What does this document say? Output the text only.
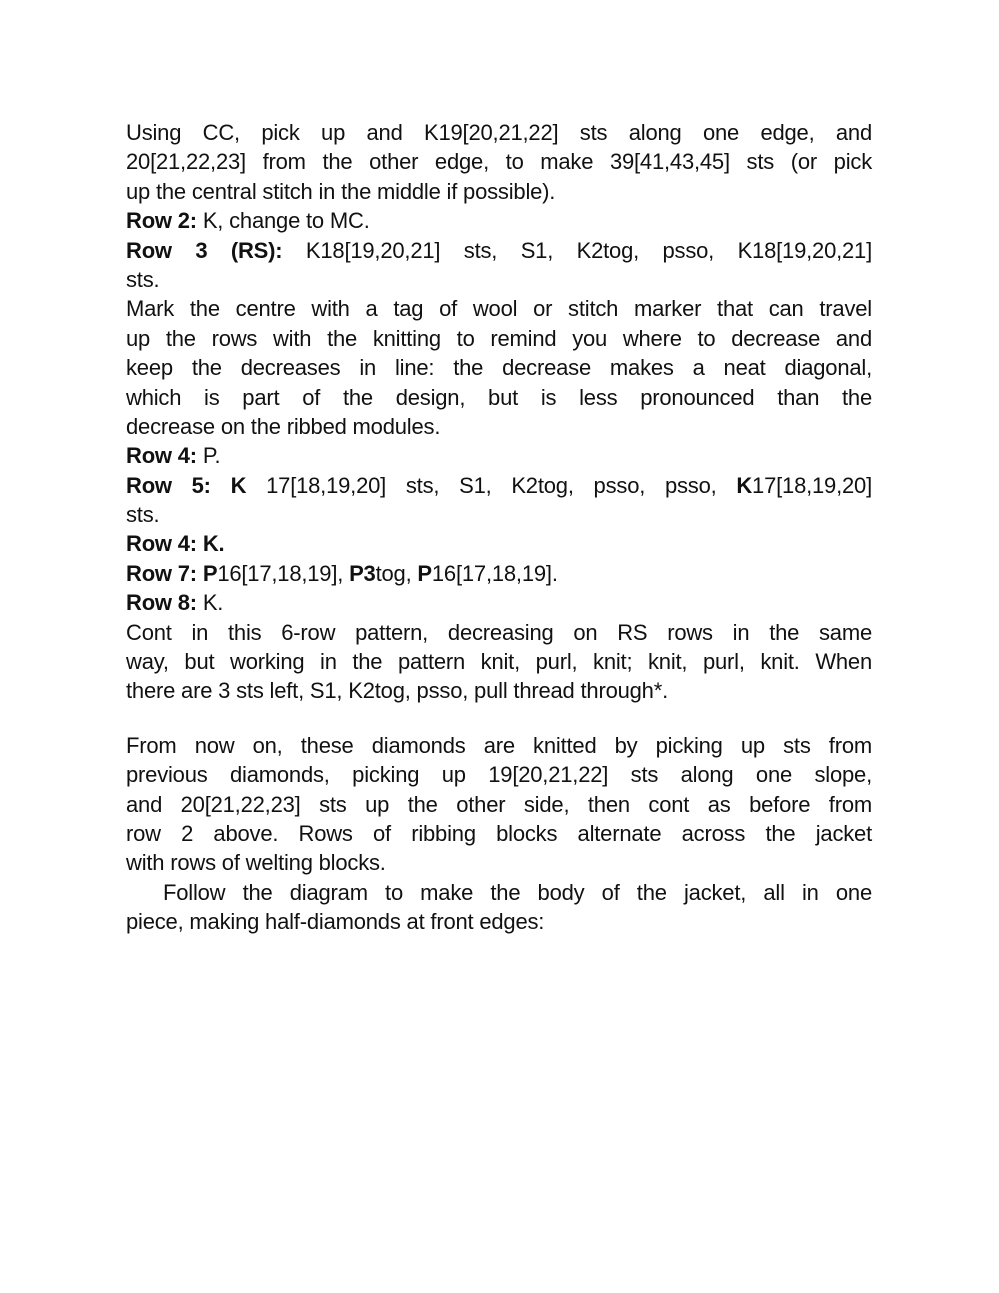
Using CC, pick up and K19[20,21,22] sts along one edge, and
20[21,22,23] from the other edge, to make 39[41,43,45] sts (or pick
up the central stitch in the middle if possible).
Row 2: K, change to MC.
Row 3 (RS): K18[19,20,21] sts, S1, K2tog, psso, K18[19,20,21]
sts.
Mark the centre with a tag of wool or stitch marker that can travel
up the rows with the knitting to remind you where to decrease and
keep the decreases in line: the decrease makes a neat diagonal,
which is part of the design, but is less pronounced than the
decrease on the ribbed modules.
Row 4: P.
Row 5: K 17[18,19,20] sts, S1, K2tog, psso, psso, K17[18,19,20]
sts.
Row 4: K.
Row 7: P16[17,18,19], P3tog, P16[17,18,19].
Row 8: K.
Cont in this 6-row pattern, decreasing on RS rows in the same
way, but working in the pattern knit, purl, knit; knit, purl, knit. When
there are 3 sts left, S1, K2tog, psso, pull thread through*.
From now on, these diamonds are knitted by picking up sts from
previous diamonds, picking up 19[20,21,22] sts along one slope,
and 20[21,22,23] sts up the other side, then cont as before from
row 2 above. Rows of ribbing blocks alternate across the jacket
with rows of welting blocks.
Follow the diagram to make the body of the jacket, all in one
piece, making half-diamonds at front edges:
